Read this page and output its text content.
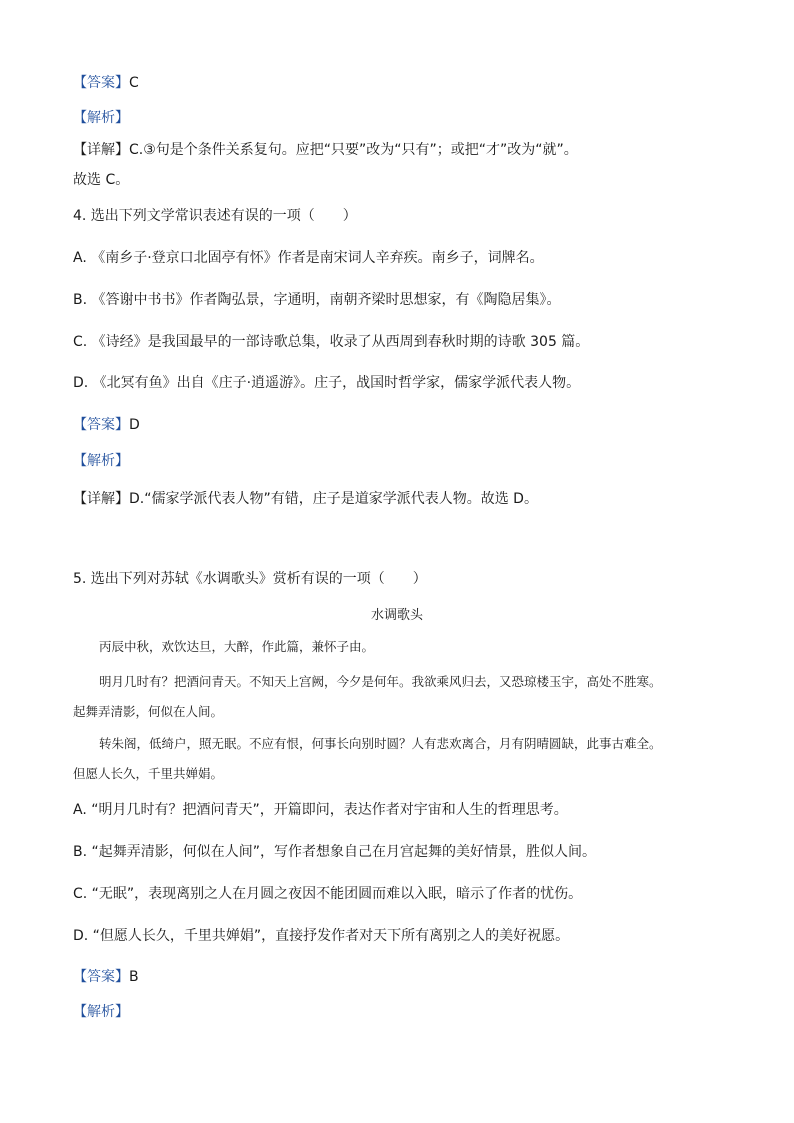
【答案】C
【解析】
【详解】C.③句是个条件关系复句。应把“只要”改为“只有”；或把“才”改为“就”。
故选 C。
4. 选出下列文学常识表述有误的一项（　　）
A. 《南乡子·登京口北固亭有怀》作者是南宋词人辛弃疾。南乡子，词牌名。
B. 《答谢中书书》作者陶弘景，字通明，南朝齐梁时思想家，有《陶隐居集》。
C. 《诗经》是我国最早的一部诗歌总集，收录了从西周到春秋时期的诗歌 305 篇。
D. 《北冥有鱼》出自《庄子·逍遥游》。庄子，战国时哲学家，儒家学派代表人物。
【答案】D
【解析】
【详解】D.“儒家学派代表人物”有错，庄子是道家学派代表人物。故选 D。
5. 选出下列对苏轼《水调歌头》赏析有误的一项（　　）
水调歌头
丙辰中秋，欢饮达旦，大醉，作此篇，兼怀子由。
明月几时有？把酒问青天。不知天上宫阙，今夕是何年。我欲乘风归去，又恐琼楼玉宇，高处不胜寒。
起舞弄清影，何似在人间。
转朱阁，低绮户，照无眠。不应有恨，何事长向别时圆？人有悲欢离合，月有阴晴圆缺，此事古难全。
但愿人长久，千里共婵娟。
A. “明月几时有？把酒问青天”，开篇即问，表达作者对宇宙和人生的哲理思考。
B. “起舞弄清影，何似在人间”，写作者想象自己在月宫起舞的美好情景，胜似人间。
C. “无眠”，表现离别之人在月圆之夜因不能团圆而难以入眠，暗示了作者的忧伤。
D. “但愿人长久，千里共婵娟”，直接抒发作者对天下所有离别之人的美好祝愿。
【答案】B
【解析】
